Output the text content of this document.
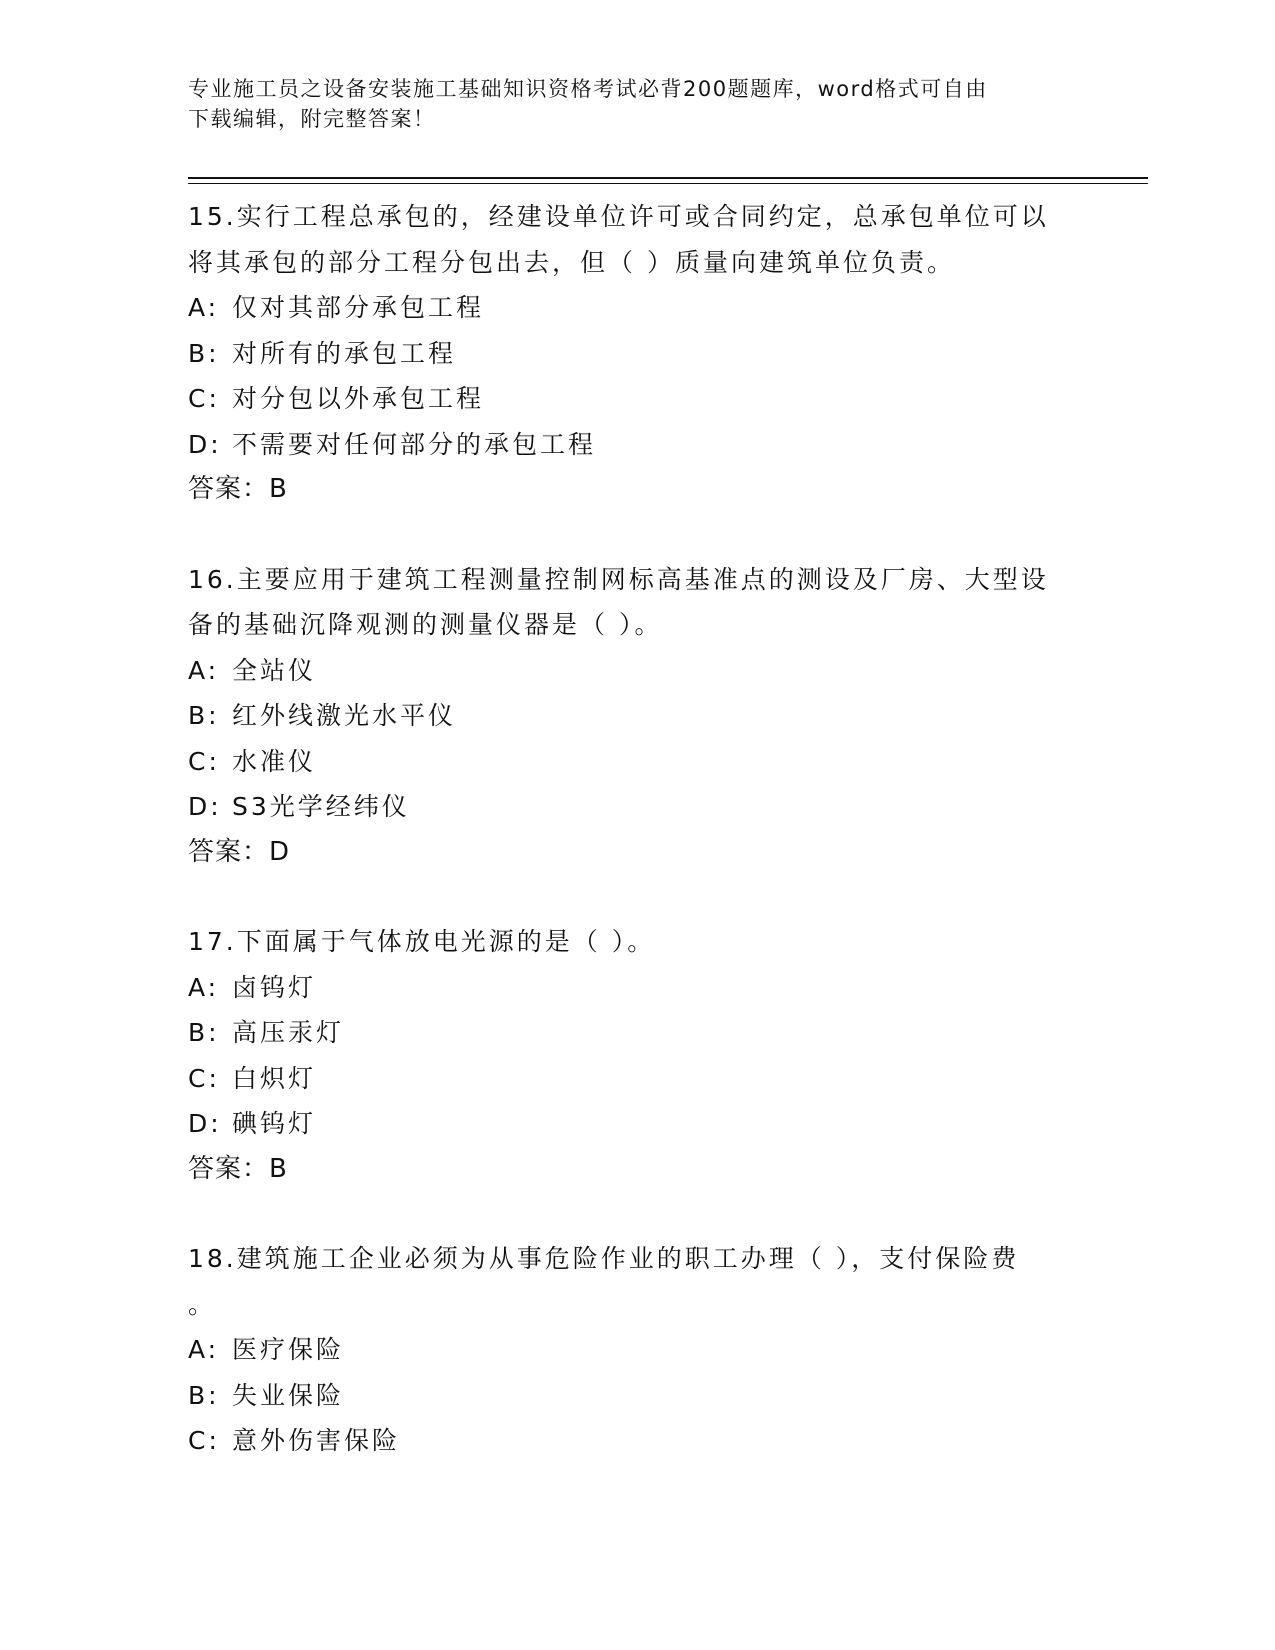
专业施工员之设备安装施工基础知识资格考试必背200题题库，word格式可自由
下载编辑，附完整答案！
15.实行工程总承包的，经建设单位许可或合同约定，总承包单位可以
将其承包的部分工程分包出去，但（ ）质量向建筑单位负责。
A: 仅对其部分承包工程
B: 对所有的承包工程
C: 对分包以外承包工程
D: 不需要对任何部分的承包工程
答案：B
16.主要应用于建筑工程测量控制网标高基准点的测设及厂房、大型设
备的基础沉降观测的测量仪器是（ ）。
A: 全站仪
B: 红外线激光水平仪
C: 水准仪
D: S3光学经纬仪
答案：D
17.下面属于气体放电光源的是（ ）。
A: 卤钨灯
B: 高压汞灯
C: 白炽灯
D: 碘钨灯
答案：B
18.建筑施工企业必须为从事危险作业的职工办理（ ），支付保险费
。
A: 医疗保险
B: 失业保险
C: 意外伤害保险
